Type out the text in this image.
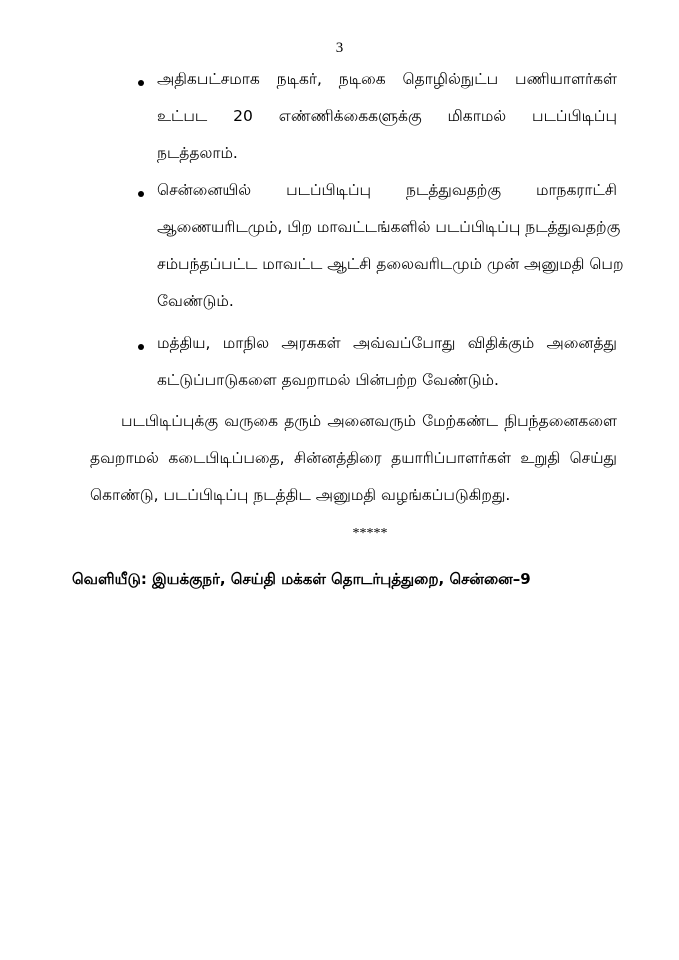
3
அதிகபட்சமாக நடிகர், நடிகை தொழில்நுட்ப பணியாளர்கள்
உட்பட 20 எண்ணிக்கைகளுக்கு மிகாமல் படப்பிடிப்பு
நடத்தலாம்.
சென்னையில் படப்பிடிப்பு நடத்துவதற்கு மாநகராட்சி
ஆணையரிடமும், பிற மாவட்டங்களில் படப்பிடிப்பு நடத்துவதற்கு
சம்பந்தப்பட்ட மாவட்ட ஆட்சி தலைவரிடமும் முன் அனுமதி பெற
வேண்டும்.
மத்திய, மாநில அரசுகள் அவ்வப்போது விதிக்கும் அனைத்து
கட்டுப்பாடுகளை தவறாமல் பின்பற்ற வேண்டும்.
படபிடிப்புக்கு வருகை தரும் அனைவரும் மேற்கண்ட நிபந்தனைகளை
தவறாமல் கடைபிடிப்பதை, சின்னத்திரை தயாரிப்பாளர்கள் உறுதி செய்து
கொண்டு, படப்பிடிப்பு நடத்திட அனுமதி வழங்கப்படுகிறது.
*****
வெளியீடு: இயக்குநர், செய்தி மக்கள் தொடர்புத்துறை, சென்னை–9
